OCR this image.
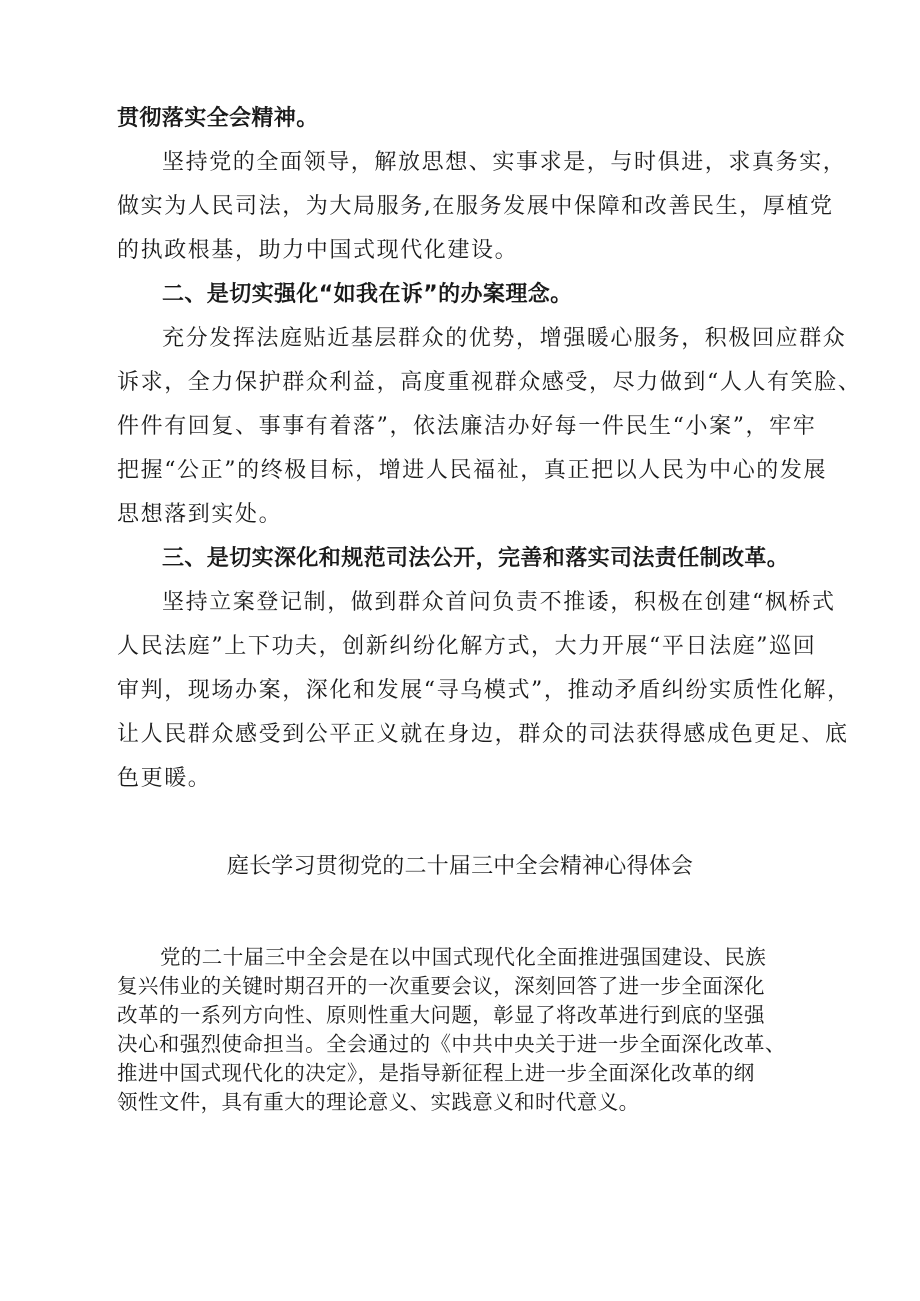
贯彻落实全会精神。

坚持党的全面领导，解放思想、实事求是，与时俱进，求真务实，

做实为人民司法，为大局服务,在服务发展中保障和改善民生，厚植党

的执政根基，助力中国式现代化建设。

二、是切实强化“如我在诉”的办案理念。

充分发挥法庭贴近基层群众的优势，增强暖心服务，积极回应群众

诉求，全力保护群众利益，高度重视群众感受，尽力做到“人人有笑脸、

件件有回复、事事有着落”，依法廉洁办好每一件民生“小案”，牢牢

把握“公正”的终极目标，增进人民福祉，真正把以人民为中心的发展

思想落到实处。

三、是切实深化和规范司法公开，完善和落实司法责任制改革。

坚持立案登记制，做到群众首问负责不推诿，积极在创建“枫桥式

人民法庭”上下功夫，创新纠纷化解方式，大力开展“平日法庭”巡回

审判，现场办案，深化和发展“寻乌模式”，推动矛盾纠纷实质性化解，

让人民群众感受到公平正义就在身边，群众的司法获得感成色更足、底

色更暖。

庭长学习贯彻党的二十届三中全会精神心得体会

党的二十届三中全会是在以中国式现代化全面推进强国建设、民族

复兴伟业的关键时期召开的一次重要会议，深刻回答了进一步全面深化

改革的一系列方向性、原则性重大问题，彰显了将改革进行到底的坚强

决心和强烈使命担当。全会通过的《中共中央关于进一步全面深化改革、

推进中国式现代化的决定》，是指导新征程上进一步全面深化改革的纲

领性文件，具有重大的理论意义、实践意义和时代意义。
